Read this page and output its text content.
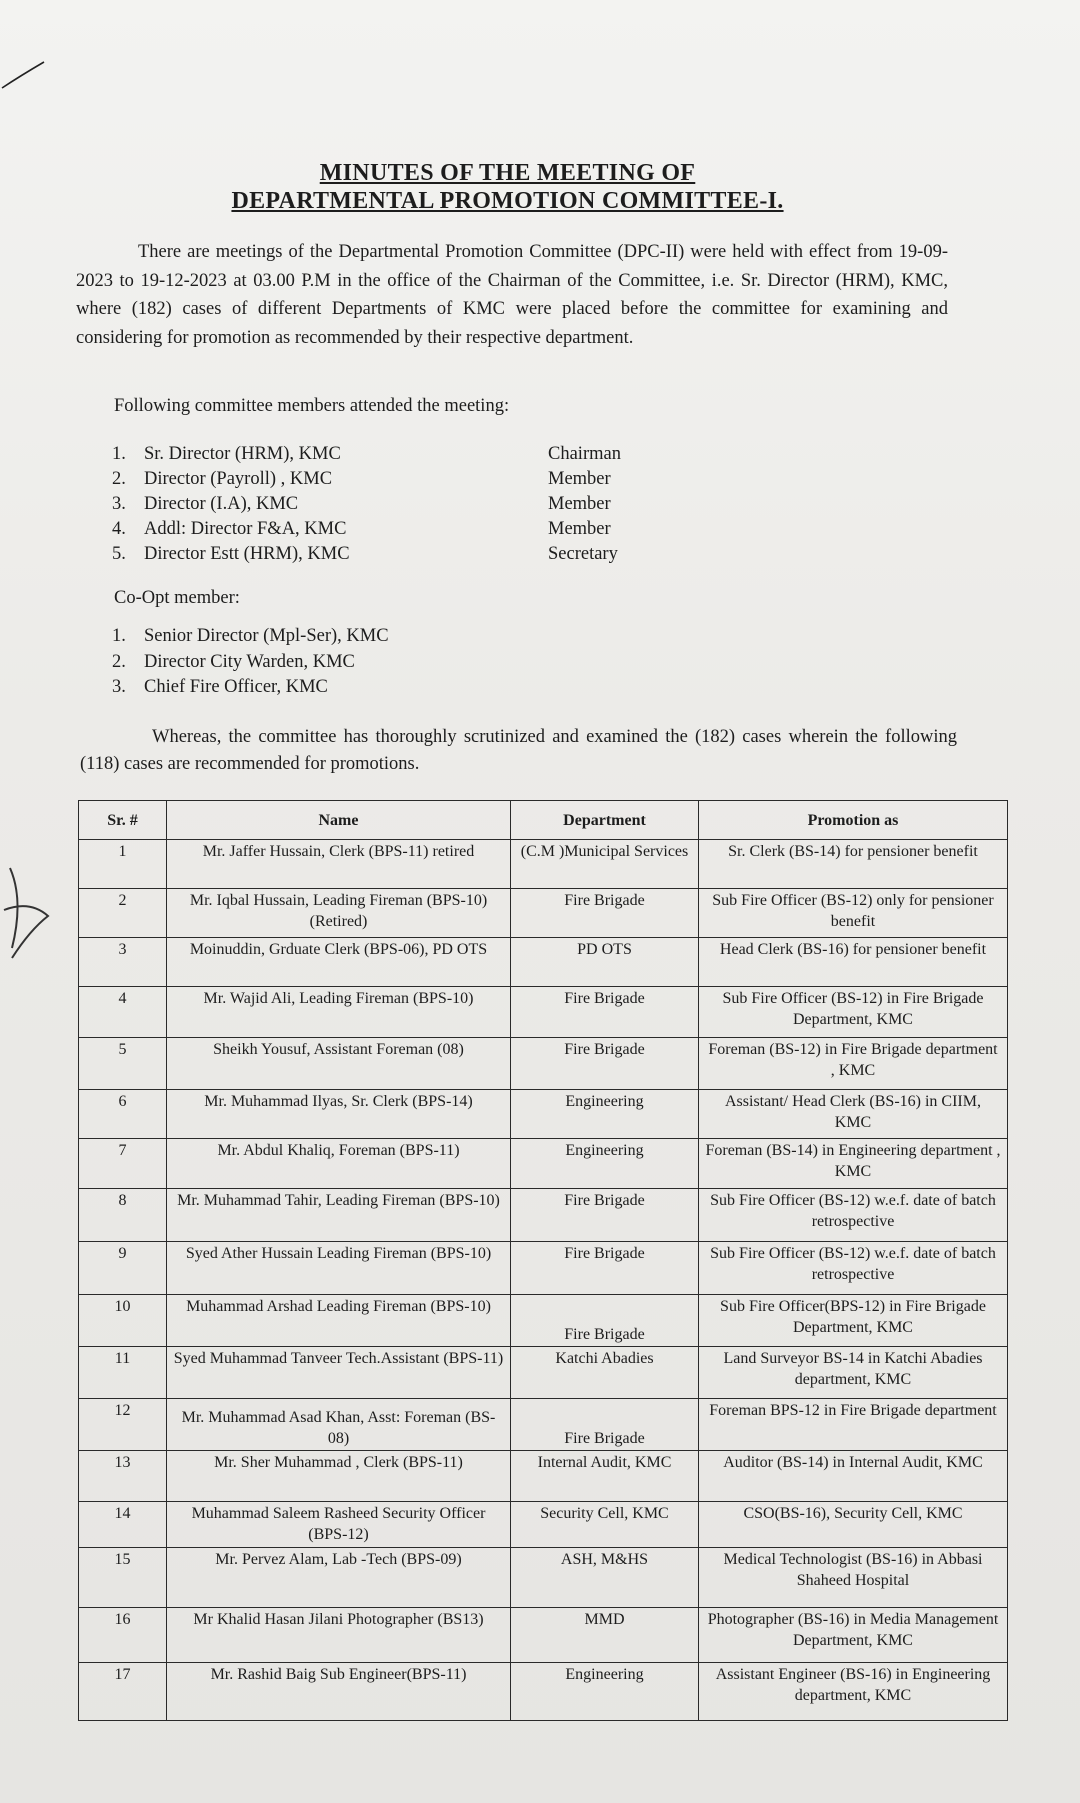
MINUTES OF THE MEETING OF
DEPARTMENTAL PROMOTION COMMITTEE-I.

There are meetings of the Departmental Promotion Committee (DPC-II) were held with effect from 19-09-2023 to 19-12-2023 at 03.00 P.M in the office of the Chairman of the Committee, i.e. Sr. Director (HRM), KMC, where (182) cases of different Departments of KMC were placed before the committee for examining and considering for promotion as recommended by their respective department.

Following committee members attended the meeting:
1. Sr. Director (HRM), KMC	Chairman
2. Director (Payroll) , KMC	Member
3. Director (I.A), KMC	Member
4. Addl: Director F&A, KMC	Member
5. Director Estt (HRM), KMC	Secretary
Co-Opt member:
1. Senior Director (Mpl-Ser), KMC
2. Director City Warden, KMC
3. Chief Fire Officer, KMC

Whereas, the committee has thoroughly scrutinized and examined the (182) cases wherein the following (118) cases are recommended for promotions.

Sr. #	Name	Department	Promotion as
1	Mr. Jaffer Hussain, Clerk (BPS-11) retired	(C.M )Municipal Services	Sr. Clerk (BS-14) for pensioner benefit
2	Mr. Iqbal Hussain, Leading Fireman (BPS-10) (Retired)	Fire Brigade	Sub Fire Officer (BS-12) only for pensioner benefit
3	Moinuddin, Grduate Clerk (BPS-06), PD OTS	PD OTS	Head Clerk (BS-16) for pensioner benefit
4	Mr. Wajid Ali, Leading Fireman (BPS-10)	Fire Brigade	Sub Fire Officer (BS-12) in Fire Brigade Department, KMC
5	Sheikh Yousuf, Assistant Foreman (08)	Fire Brigade	Foreman (BS-12) in Fire Brigade department , KMC
6	Mr. Muhammad Ilyas, Sr. Clerk (BPS-14)	Engineering	Assistant/ Head Clerk (BS-16) in CIIM, KMC
7	Mr. Abdul Khaliq, Foreman (BPS-11)	Engineering	Foreman (BS-14) in Engineering department , KMC
8	Mr. Muhammad Tahir, Leading Fireman (BPS-10)	Fire Brigade	Sub Fire Officer (BS-12) w.e.f. date of batch retrospective
9	Syed Ather Hussain Leading Fireman (BPS-10)	Fire Brigade	Sub Fire Officer (BS-12) w.e.f. date of batch retrospective
10	Muhammad Arshad Leading Fireman (BPS-10)	Fire Brigade	Sub Fire Officer(BPS-12) in Fire Brigade Department, KMC
11	Syed Muhammad Tanveer Tech.Assistant (BPS-11)	Katchi Abadies	Land Surveyor BS-14 in Katchi Abadies department, KMC
12	Mr. Muhammad Asad Khan, Asst: Foreman (BS-08)	Fire Brigade	Foreman BPS-12 in Fire Brigade department
13	Mr. Sher Muhammad , Clerk (BPS-11)	Internal Audit, KMC	Auditor (BS-14) in Internal Audit, KMC
14	Muhammad Saleem Rasheed Security Officer (BPS-12)	Security Cell, KMC	CSO(BS-16), Security Cell, KMC
15	Mr. Pervez Alam, Lab -Tech (BPS-09)	ASH, M&HS	Medical Technologist (BS-16) in Abbasi Shaheed Hospital
16	Mr Khalid Hasan Jilani Photographer (BS13)	MMD	Photographer (BS-16) in Media Management Department, KMC
17	Mr. Rashid Baig Sub Engineer(BPS-11)	Engineering	Assistant Engineer (BS-16) in Engineering department, KMC
